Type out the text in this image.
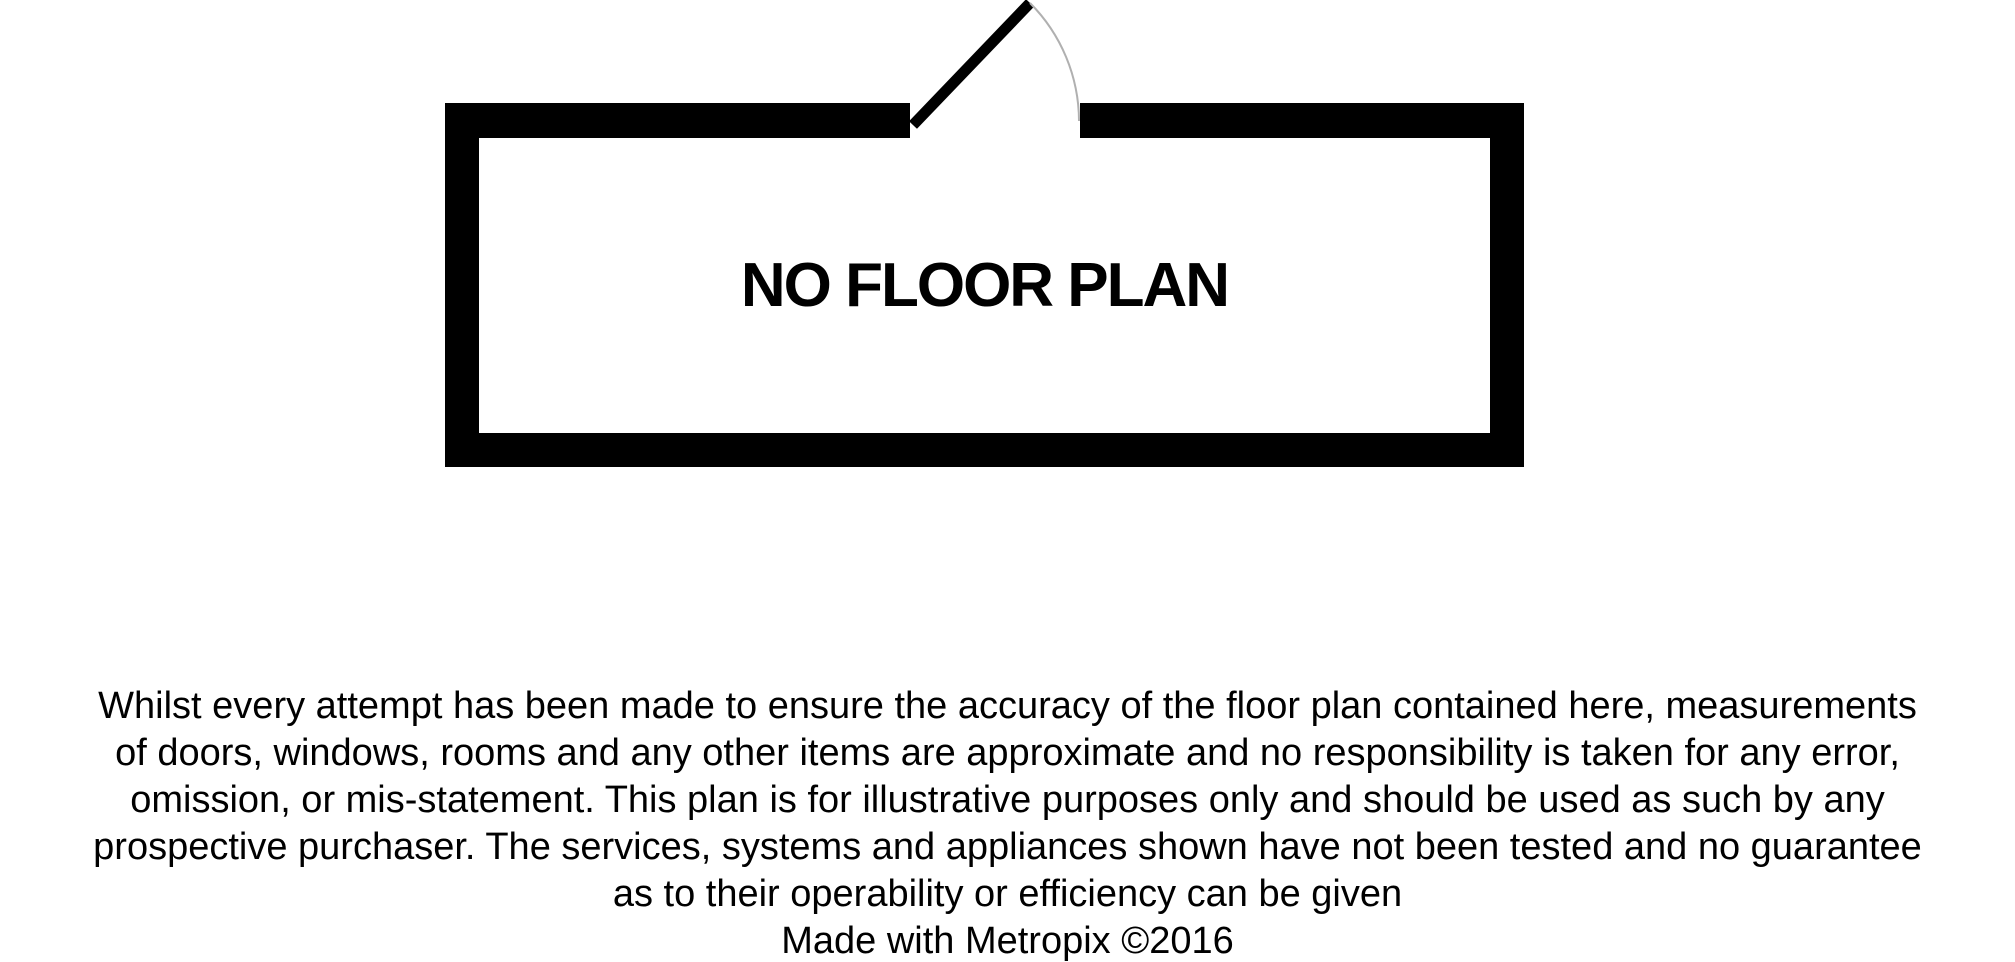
NO FLOOR PLAN
Whilst every attempt has been made to ensure the accuracy of the floor plan contained here, measurements
of doors, windows, rooms and any other items are approximate and no responsibility is taken for any error,
omission, or mis-statement. This plan is for illustrative purposes only and should be used as such by any
prospective purchaser. The services, systems and appliances shown have not been tested and no guarantee
as to their operability or efficiency can be given
Made with Metropix ©2016
